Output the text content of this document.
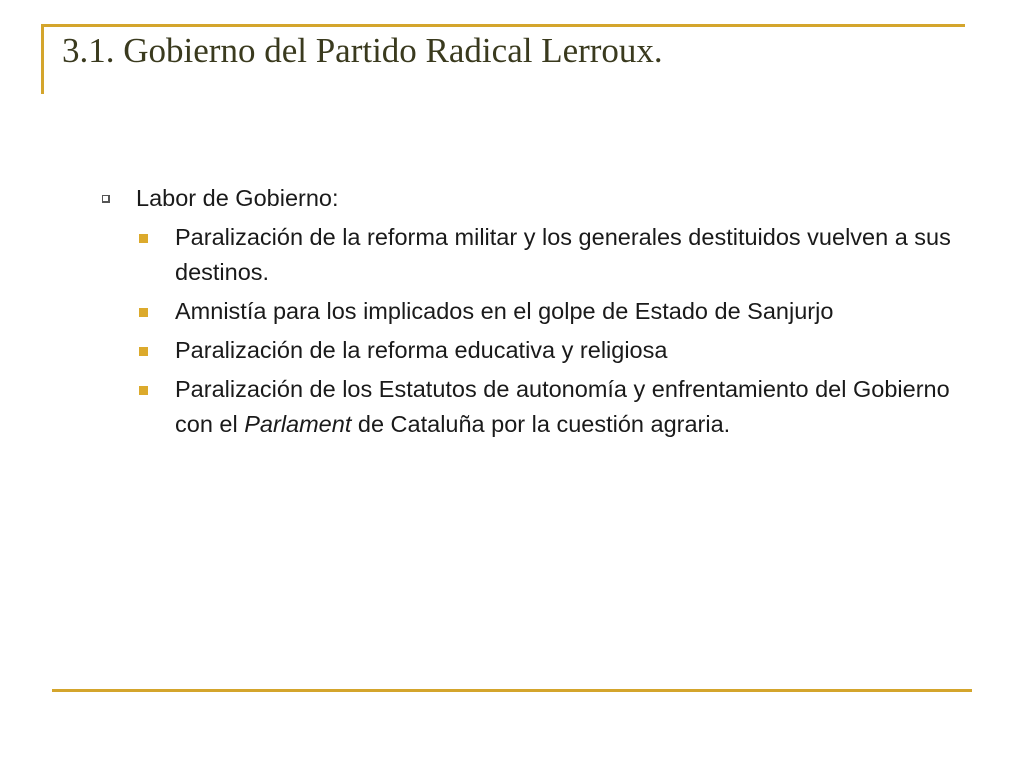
3.1. Gobierno del Partido Radical Lerroux.
Labor de Gobierno:
Paralización de la reforma militar y los generales destituidos vuelven a sus destinos.
Amnistía para los implicados en el golpe de Estado de Sanjurjo
Paralización de la reforma educativa y religiosa
Paralización de los Estatutos de autonomía y enfrentamiento del Gobierno con el Parlament de Cataluña por la cuestión agraria.
